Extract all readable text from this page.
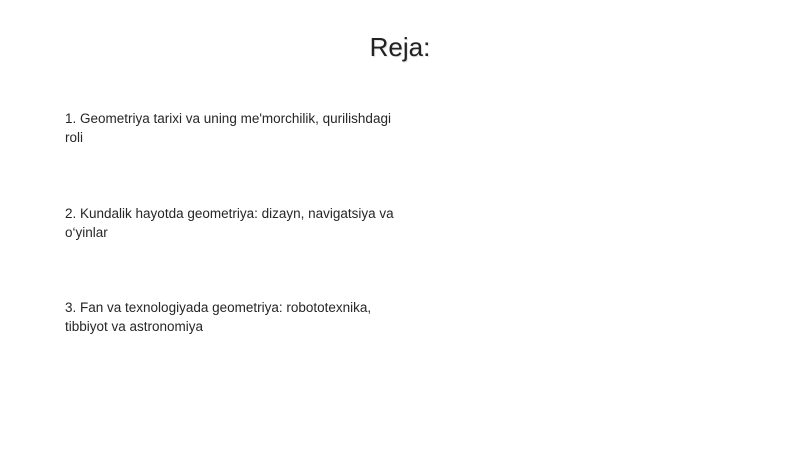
Reja:
1. Geometriya tarixi va uning me'morchilik, qurilishdagi roli
2. Kundalik hayotda geometriya: dizayn, navigatsiya va o‘yinlar
3. Fan va texnologiyada geometriya: robototexnika, tibbiyot va astronomiya
